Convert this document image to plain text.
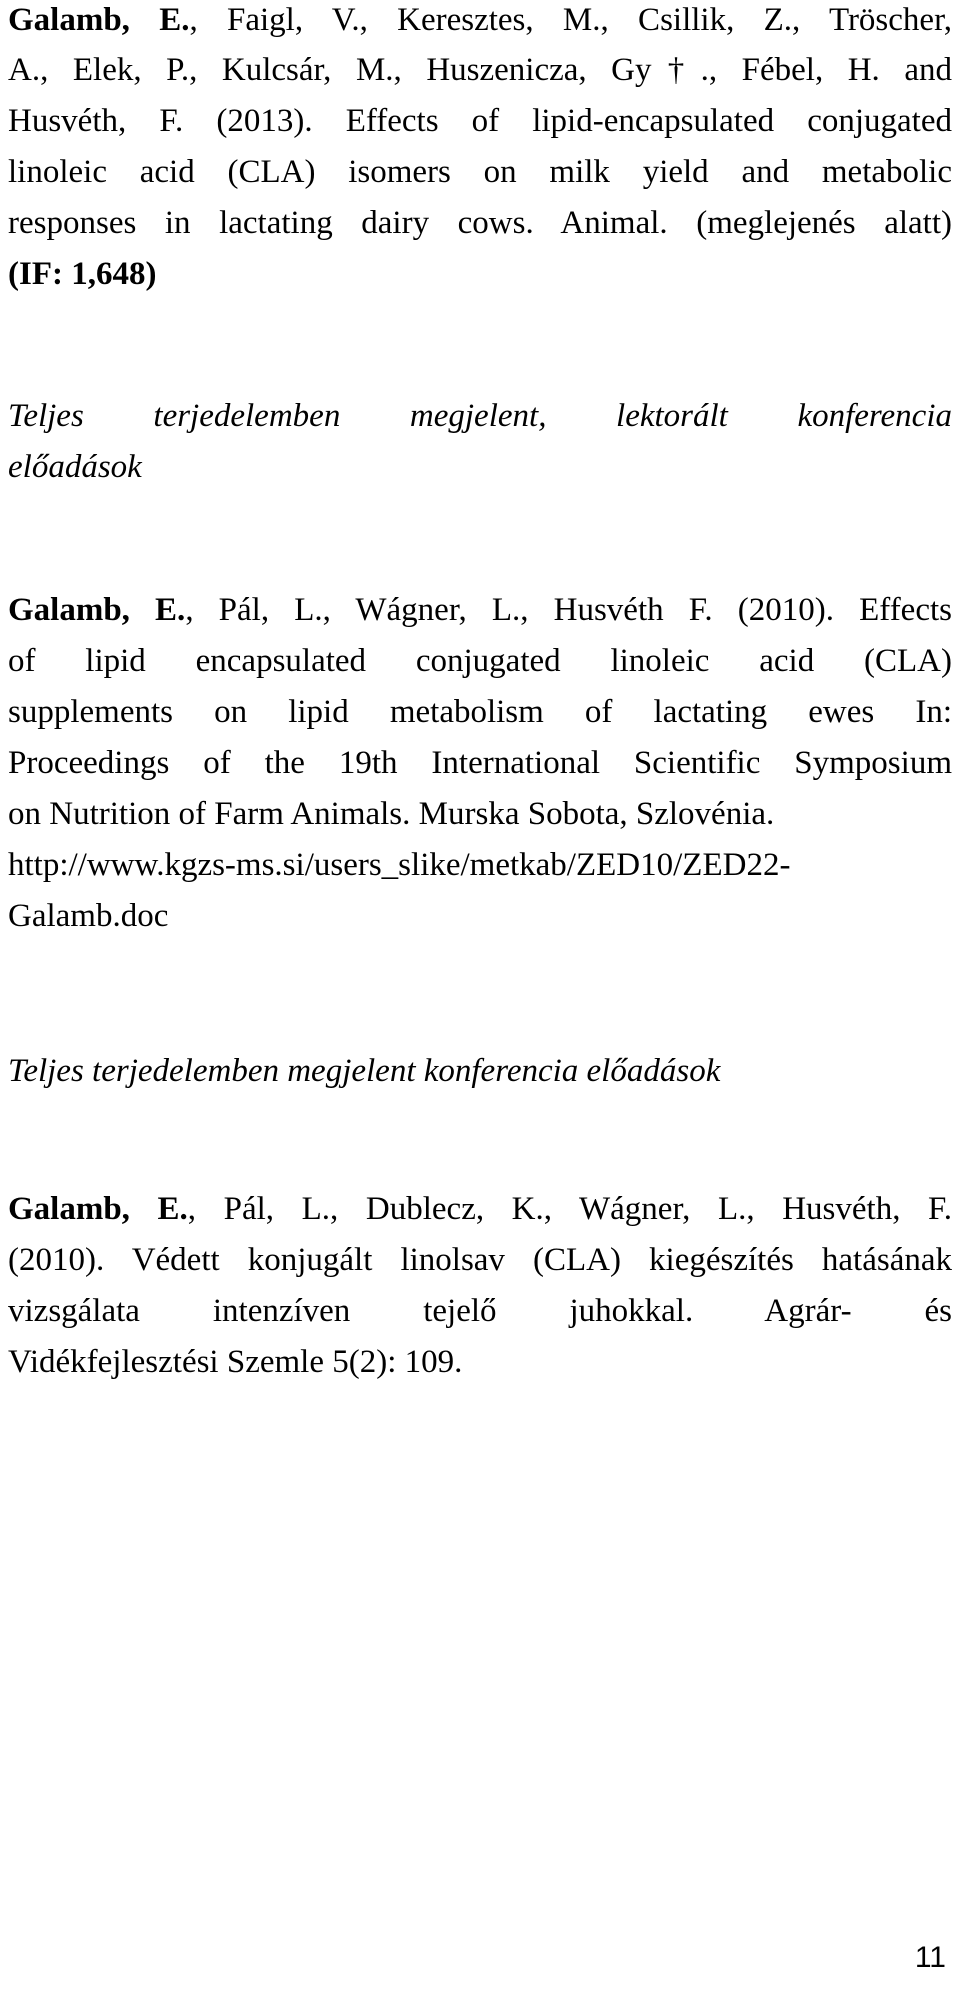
Galamb, E., Faigl, V., Keresztes, M., Csillik, Z., Tröscher,
A., Elek, P., Kulcsár, M., Huszenicza, Gy†., Fébel, H. and
Husvéth, F. (2013). Effects of lipid-encapsulated conjugated
linoleic acid (CLA) isomers on milk yield and metabolic
responses in lactating dairy cows. Animal. (meglejenés alatt)
(IF: 1,648)
Teljes terjedelemben megjelent, lektorált konferencia
előadások
Galamb, E., Pál, L., Wágner, L., Husvéth F. (2010). Effects
of lipid encapsulated conjugated linoleic acid (CLA)
supplements on lipid metabolism of lactating ewes In:
Proceedings of the 19th International Scientific Symposium
on Nutrition of Farm Animals. Murska Sobota, Szlovénia.
http://www.kgzs-ms.si/users_slike/metkab/ZED10/ZED22-
Galamb.doc
Teljes terjedelemben megjelent konferencia előadások
Galamb, E., Pál, L., Dublecz, K., Wágner, L., Husvéth, F.
(2010). Védett konjugált linolsav (CLA) kiegészítés hatásának
vizsgálata intenzíven tejelő juhokkal. Agrár- és
Vidékfejlesztési Szemle 5(2): 109.
11
